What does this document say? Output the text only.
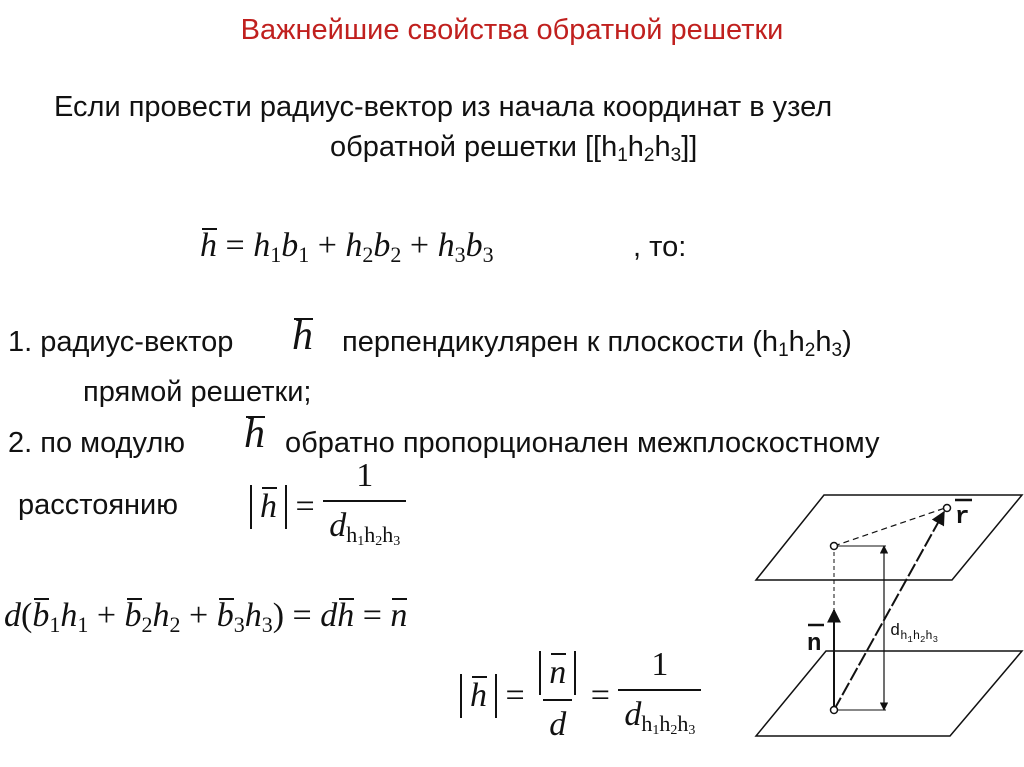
Важнейшие свойства обратной решетки
Если провести радиус-вектор из начала координат в узел
обратной решетки $[[h_1h_2h_3]]$
$h = h_1b_1 + h_2b_2 + h_3b_3$	, то:
1. радиус-вектор h перпендикулярен к плоскости $(h_1h_2h_3)$
прямой решетки;
2. по модулю h обратно пропорционален межплоскостному
расстоянию $h = \frac{1}{d_{h_1h_2h_3}}$
$d(b_1h_1 + b_2h_2 + b_3h_3)$ = dh = n
$h = \frac{n}{d} = \frac{1}{d_{h_1h_2h_3}}$
r
n	$d_h1h2h3$
